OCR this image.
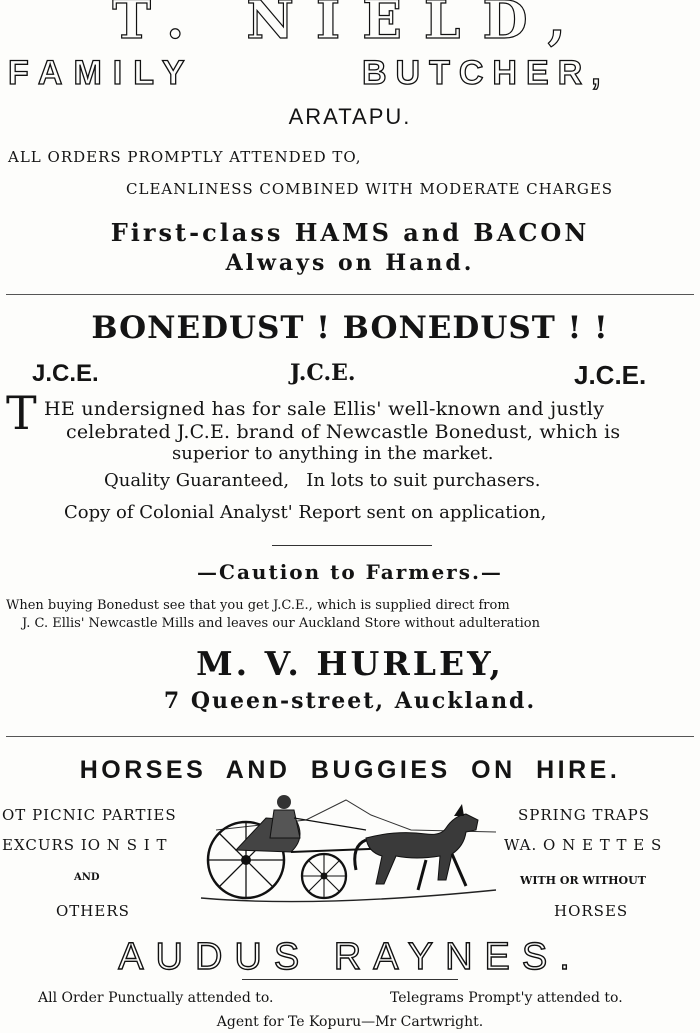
T. NIELD,
FAMILY	BUTCHER,
ARATAPU.
ALL ORDERS PROMPTLY ATTENDED TO,
CLEANLINESS COMBINED WITH MODERATE CHARGES
First-class HAMS and BACON
Always on Hand.
BONEDUST ! BONEDUST ! !
J.C.E.	J.C.E.	J.C.E.
T HE undersigned has for sale Ellis' well-known and justly
celebrated J.C.E. brand of Newcastle Bonedust, which is
superior to anything in the market.
Quality Guaranteed,   In lots to suit purchasers.
Copy of Colonial Analyst' Report sent on application,
—Caution to Farmers.—
When buying Bonedust see that you get J.C.E., which is supplied direct from
J. C. Ellis' Newcastle Mills and leaves our Auckland Store without adulteration
M. V. HURLEY,
7 Queen-street, Auckland.
HORSES AND BUGGIES ON HIRE.
OT PICNIC PARTIES
EXCURS IO N S I T
AND
OTHERS
SPRING TRAPS
WA. O N E T T E S
WITH OR WITHOUT
HORSES
AUDUS RAYNES.
All Order Punctually attended to.	Telegrams Prompt'y attended to.
Agent for Te Kopuru—Mr Cartwright.
